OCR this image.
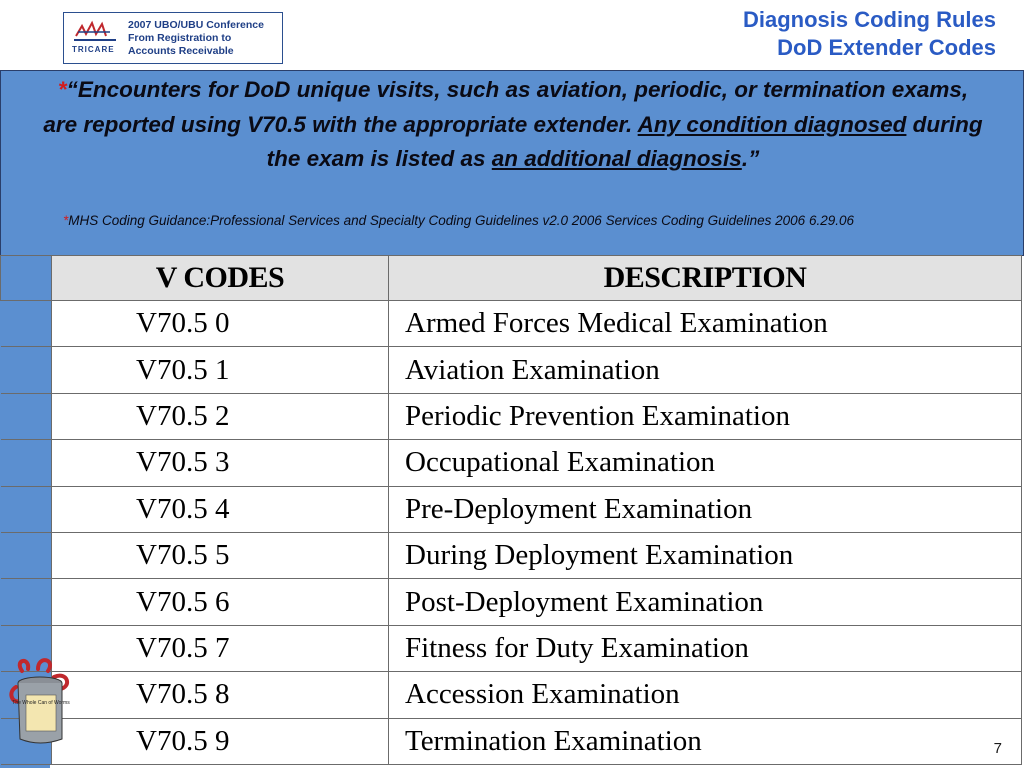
TRICARE
2007 UBO/UBU Conference
From Registration to
Accounts Receivable
Diagnosis Coding Rules
DoD Extender Codes
*“Encounters for DoD unique visits, such as aviation, periodic, or termination exams, are reported using V70.5 with the appropriate extender. Any condition diagnosed during the exam is listed as an additional diagnosis.”
*MHS Coding Guidance:Professional Services and Specialty Coding Guidelines v2.0 2006 Services Coding Guidelines 2006 6.29.06
	V CODES	DESCRIPTION
	V70.5 0	Armed Forces Medical Examination
	V70.5 1	Aviation Examination
	V70.5 2	Periodic Prevention Examination
	V70.5 3	Occupational Examination
	V70.5 4	Pre-Deployment Examination
	V70.5 5	During Deployment Examination
	V70.5 6	Post-Deployment Examination
	V70.5 7	Fitness for Duty Examination
	V70.5 8	Accession Examination
	V70.5 9	Termination Examination
The Whole Can of Worms
7
